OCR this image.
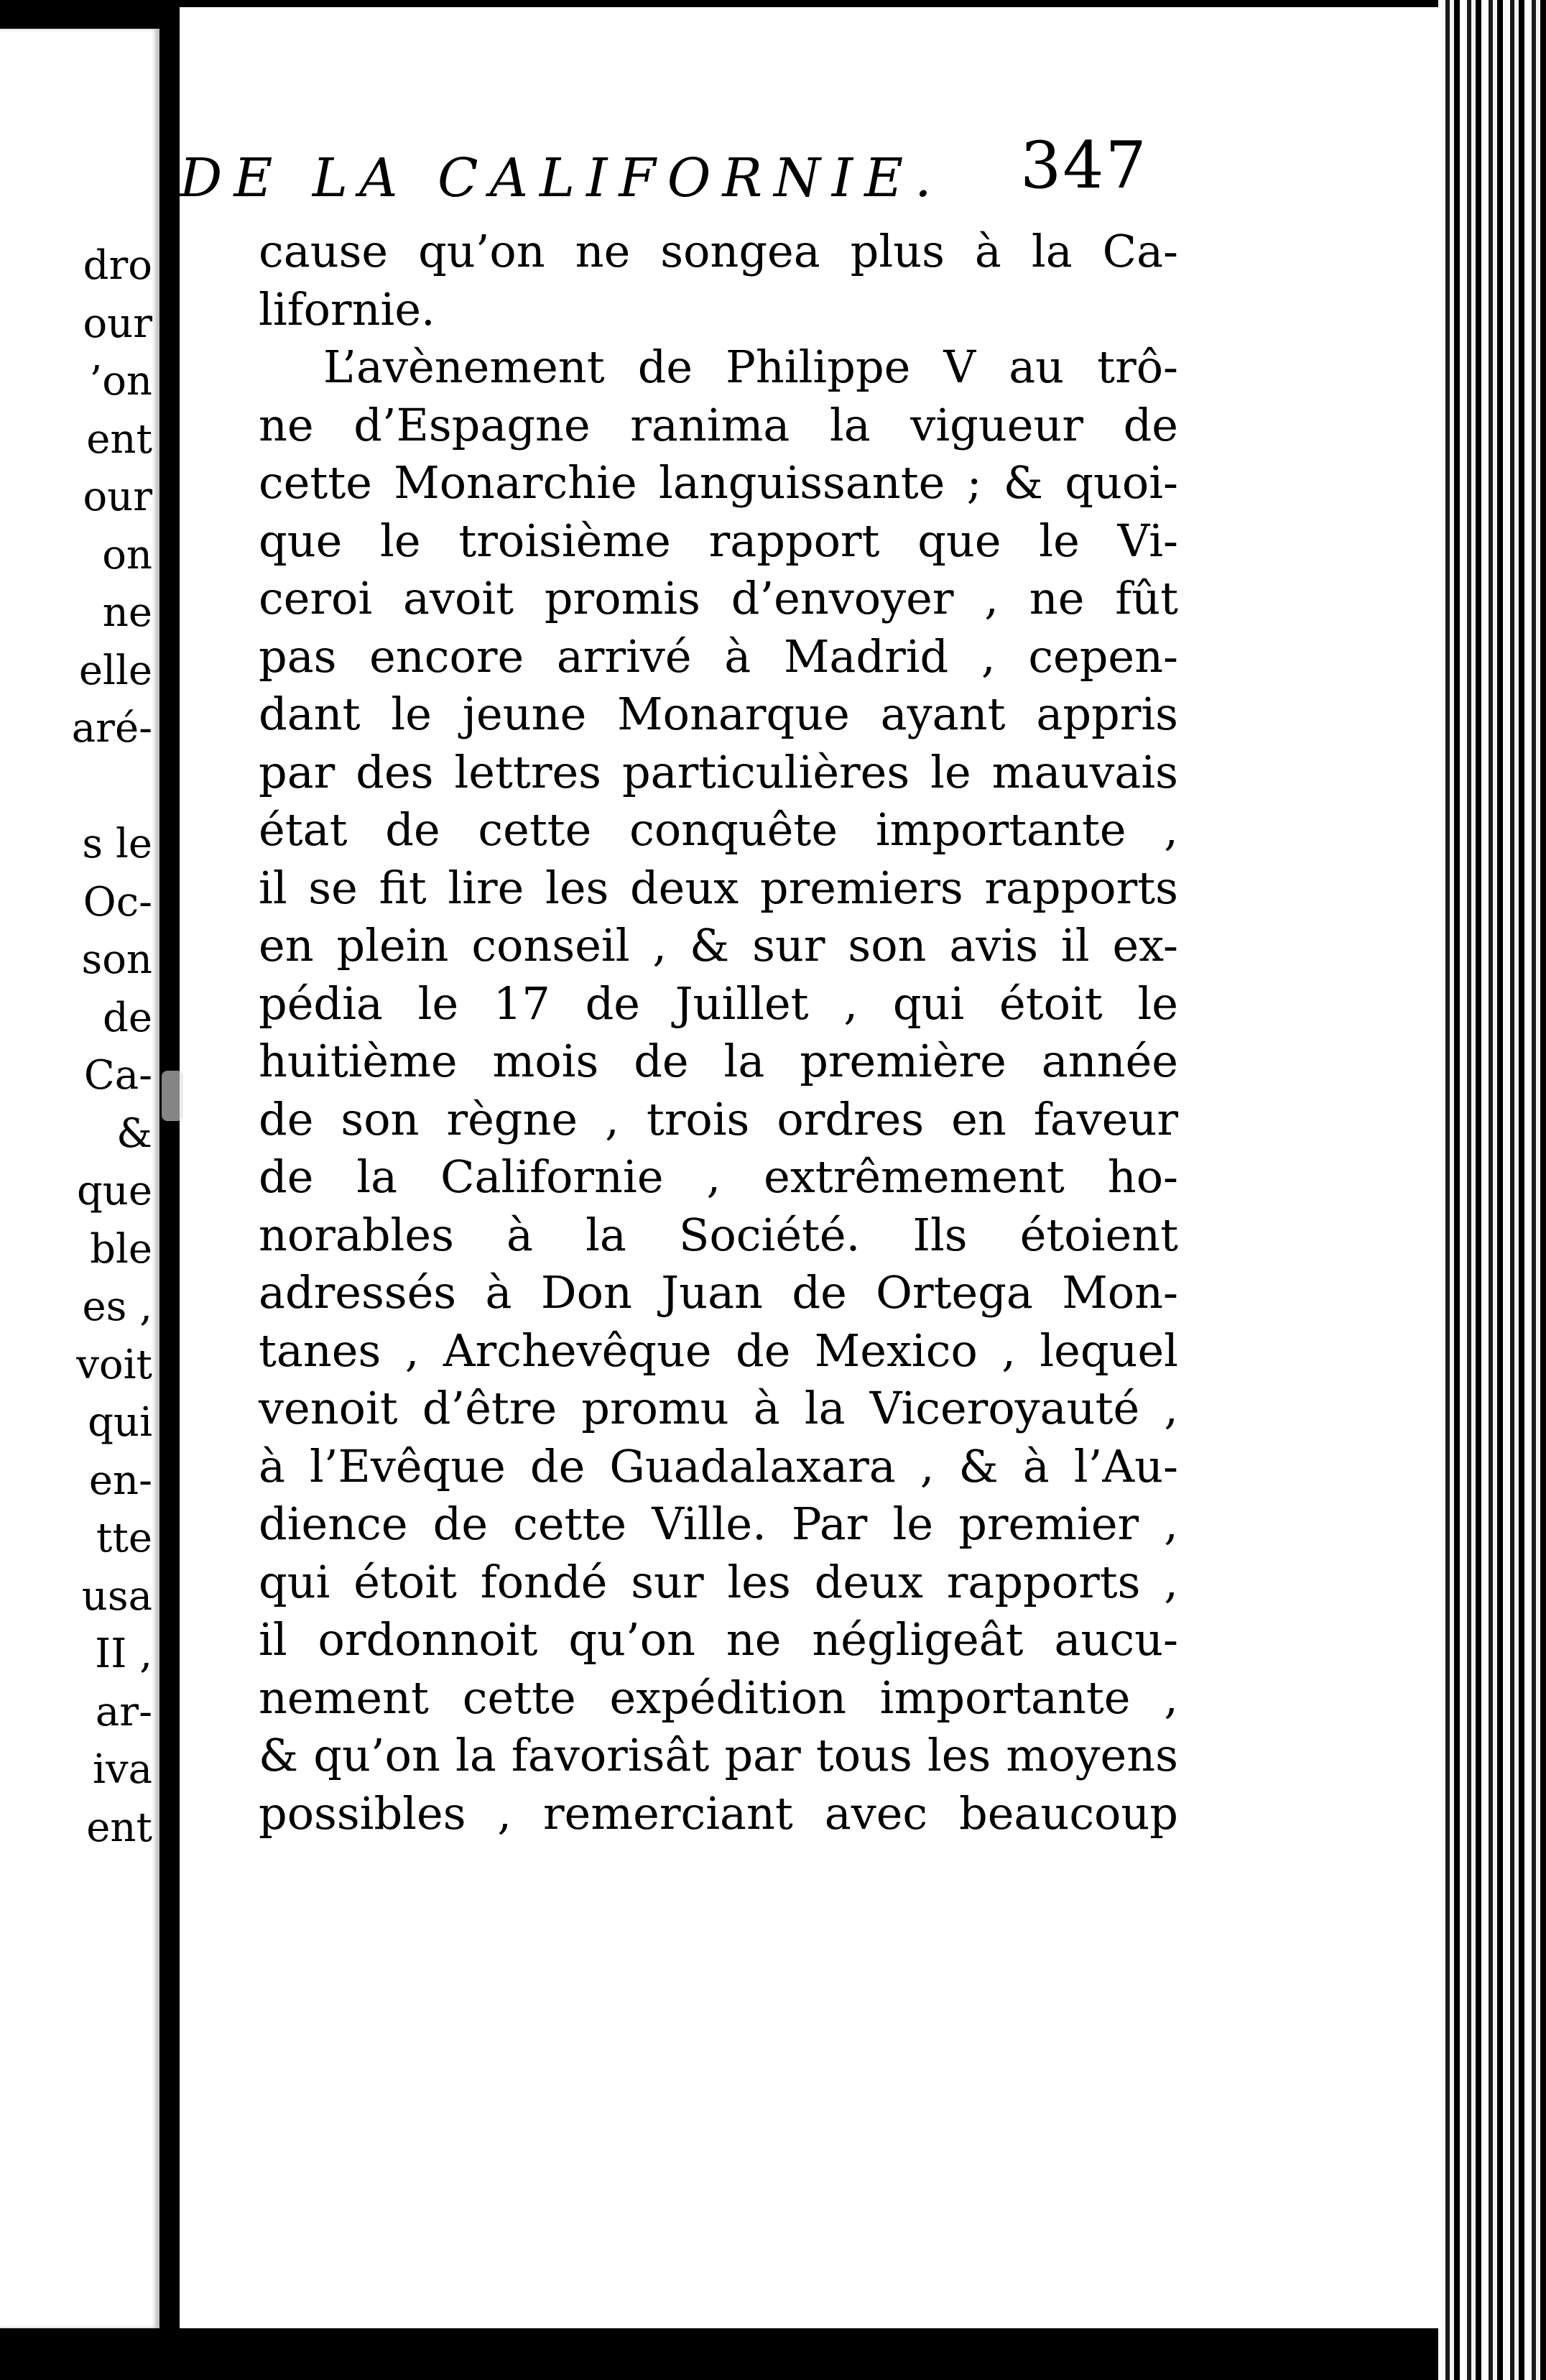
dro
our
’on
ent
our
on
ne
elle
aré-

s le
Oc-
son
de
Ca-
&
que
ble
es ,
voit
qui
en-
tte
usa
II ,
ar-
iva
ent
DE LA CALIFORNIE.	347
cause qu’on ne songea plus à la Ca-
lifornie.
L’avènement de Philippe V au trô-
ne d’Espagne ranima la vigueur de
cette Monarchie languissante ; & quoi-
que le troisième rapport que le Vi-
ceroi avoit promis d’envoyer , ne fût
pas encore arrivé à Madrid , cepen-
dant le jeune Monarque ayant appris
par des lettres particulières le mauvais
état de cette conquête importante ,
il se fit lire les deux premiers rapports
en plein conseil , & sur son avis il ex-
pédia le 17 de Juillet , qui étoit le
huitième mois de la première année
de son règne , trois ordres en faveur
de la Californie , extrêmement ho-
norables à la Société. Ils étoient
adressés à Don Juan de Ortega Mon-
tanes , Archevêque de Mexico , lequel
venoit d’être promu à la Viceroyauté ,
à l’Evêque de Guadalaxara , & à l’Au-
dience de cette Ville. Par le premier ,
qui étoit fondé sur les deux rapports ,
il ordonnoit qu’on ne négligeât aucu-
nement cette expédition importante ,
& qu’on la favorisât par tous les moyens
possibles , remerciant avec beaucoup
